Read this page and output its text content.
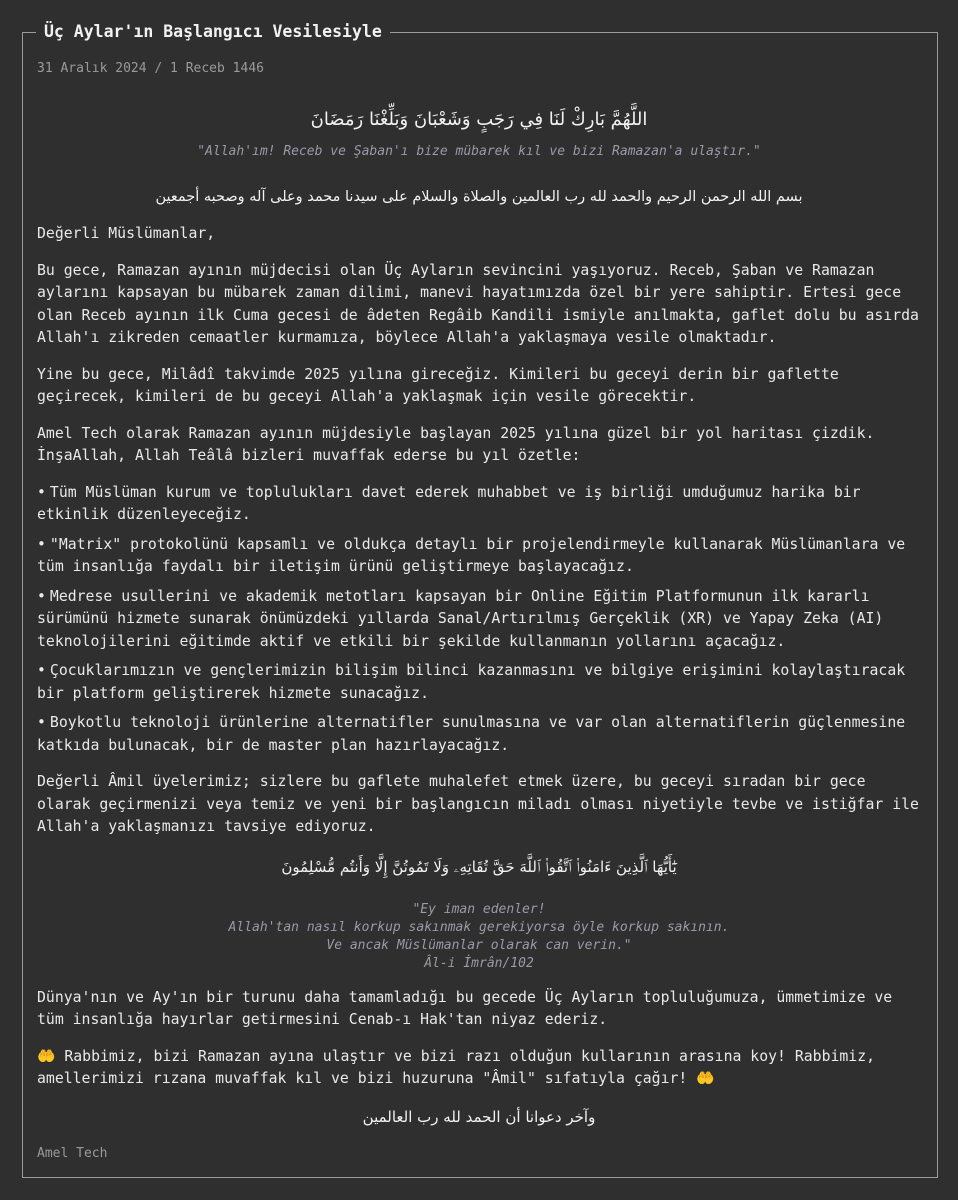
Üç Aylar'ın Başlangıcı Vesilesiyle
31 Aralık 2024 / 1 Receb 1446
اللَّهُمَّ بَارِكْ لَنَا فِي رَجَبٍ وَشَعْبَانَ وَبَلِّغْنَا رَمَضَانَ
"Allah'ım! Receb ve Şaban'ı bize mübarek kıl ve bizi Ramazan'a ulaştır."
بسم الله الرحمن الرحيم والحمد لله رب العالمين والصلاة والسلام على سيدنا محمد وعلى آله وصحبه أجمعين

Değerli Müslümanlar,

Bu gece, Ramazan ayının müjdecisi olan Üç Ayların sevincini yaşıyoruz. Receb, Şaban ve Ramazan aylarını kapsayan bu mübarek zaman dilimi, manevi hayatımızda özel bir yere sahiptir. Ertesi gece olan Receb ayının ilk Cuma gecesi de âdeten Regâib Kandili ismiyle anılmakta, gaflet dolu bu asırda Allah'ı zikreden cemaatler kurmamıza, böylece Allah'a yaklaşmaya vesile olmaktadır.

Yine bu gece, Milâdî takvimde 2025 yılına gireceğiz. Kimileri bu geceyi derin bir gaflette geçirecek, kimileri de bu geceyi Allah'a yaklaşmak için vesile görecektir.

Amel Tech olarak Ramazan ayının müjdesiyle başlayan 2025 yılına güzel bir yol haritası çizdik. İnşaAllah, Allah Teâlâ bizleri muvaffak ederse bu yıl özetle:

• Tüm Müslüman kurum ve toplulukları davet ederek muhabbet ve iş birliği umduğumuz harika bir etkinlik düzenleyeceğiz.
• "Matrix" protokolünü kapsamlı ve oldukça detaylı bir projelendirmeyle kullanarak Müslümanlara ve tüm insanlığa faydalı bir iletişim ürünü geliştirmeye başlayacağız.
• Medrese usullerini ve akademik metotları kapsayan bir Online Eğitim Platformunun ilk kararlı sürümünü hizmete sunarak önümüzdeki yıllarda Sanal/Artırılmış Gerçeklik (XR) ve Yapay Zeka (AI) teknolojilerini eğitimde aktif ve etkili bir şekilde kullanmanın yollarını açacağız.
• Çocuklarımızın ve gençlerimizin bilişim bilinci kazanmasını ve bilgiye erişimini kolaylaştıracak bir platform geliştirerek hizmete sunacağız.
• Boykotlu teknoloji ürünlerine alternatifler sunulmasına ve var olan alternatiflerin güçlenmesine katkıda bulunacak, bir de master plan hazırlayacağız.

Değerli Âmil üyelerimiz; sizlere bu gaflete muhalefet etmek üzere, bu geceyi sıradan bir gece olarak geçirmenizi veya temiz ve yeni bir başlangıcın miladı olması niyetiyle tevbe ve istiğfar ile Allah'a yaklaşmanızı tavsiye ediyoruz.

يَٰٓأَيُّهَا ٱلَّذِينَ ءَامَنُوا۟ ٱتَّقُوا۟ ٱللَّهَ حَقَّ تُقَاتِهِۦ وَلَا تَمُوتُنَّ إِلَّا وَأَنتُم مُّسْلِمُونَ
"Ey iman edenler!
Allah'tan nasıl korkup sakınmak gerekiyorsa öyle korkup sakının.
Ve ancak Müslümanlar olarak can verin."
Âl-i İmrân/102

Dünya'nın ve Ay'ın bir turunu daha tamamladığı bu gecede Üç Ayların topluluğumuza, ümmetimize ve tüm insanlığa hayırlar getirmesini Cenab-ı Hak'tan niyaz ederiz.

🤲 Rabbimiz, bizi Ramazan ayına ulaştır ve bizi razı olduğun kullarının arasına koy! Rabbimiz, amellerimizi rızana muvaffak kıl ve bizi huzuruna "Âmil" sıfatıyla çağır! 🤲

وآخر دعوانا أن الحمد لله رب العالمين
Amel Tech
